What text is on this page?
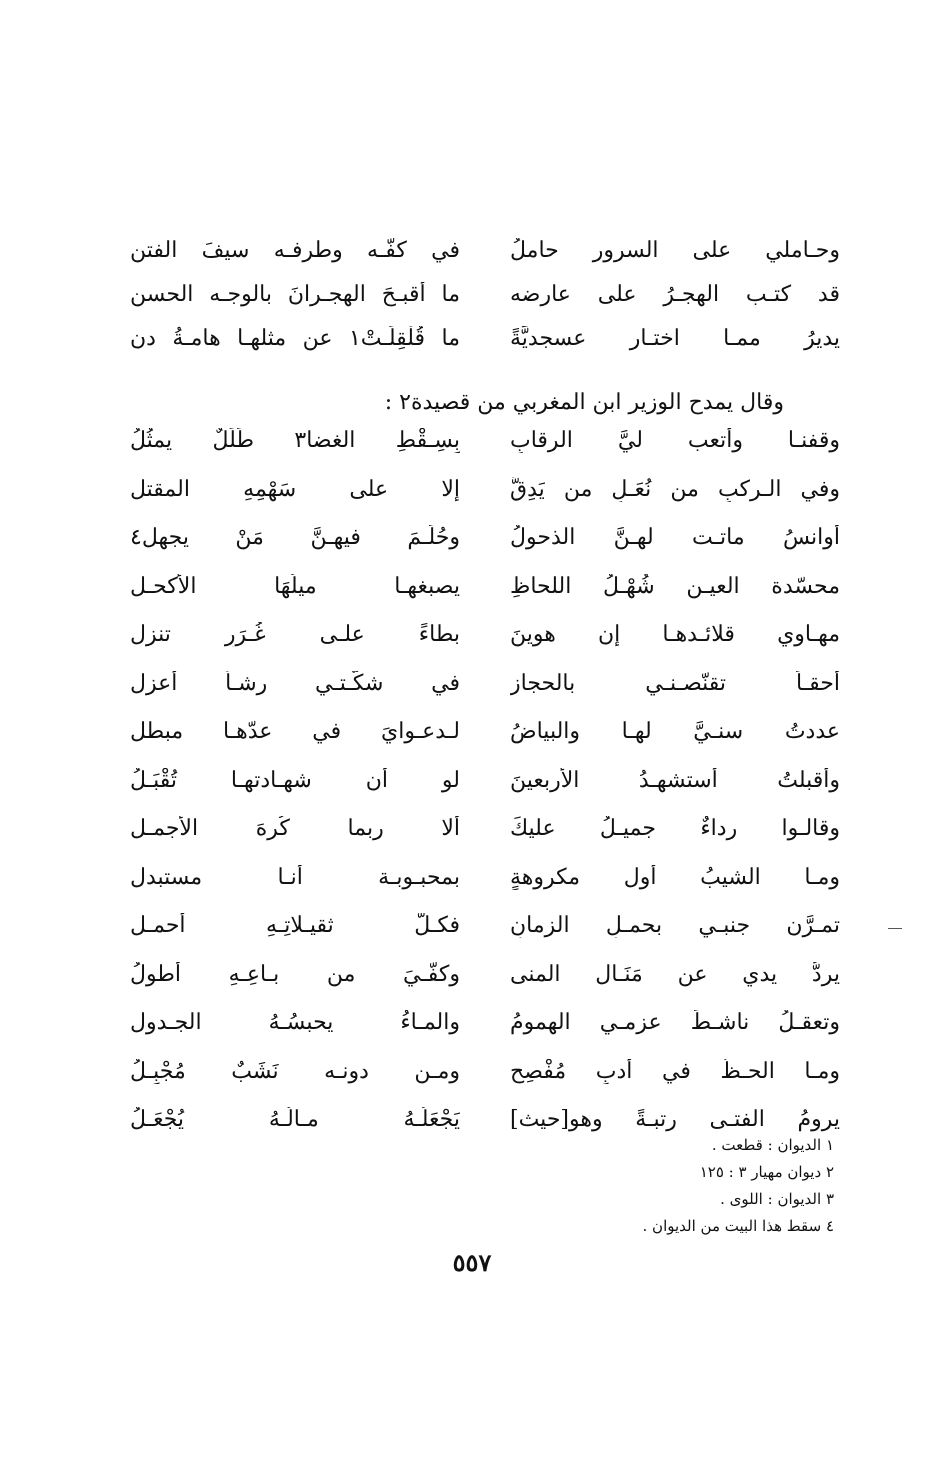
وحـاملي على السرورِ حاملُ
في كفّـه وطرفـه سيفَ الفتن
قد كتـب الهجـرُ على عارضه
ما أقبـحَ الهجـرانَ بالوجـه الحسن
يديرُ ممـا اختـار عسجديَّةً
ما قُلْقِلَـتْ١ عن مثلهـا هامـةُ دن
وقال يمدح الوزير ابن المغربي من قصيدة٢ :
وقفنـا وأتعب ليَّ الرقابِ
بِسِـقْطِ الغضا٣ طَلَلٌ يمثُلُ
وفي الـركبِ من نُعَـلٍ من يَدِقُّ
إلا على سَهْمِهِ المقتل
أوانسُ ماتـت لهـنَّ الذحولُ
وحُلِّـمَ فيهـنَّ مَنْ يجهل٤
محسّدة العيـن شُهْـلُ اللحاظِ
يصبغهـا ميلُهَا الأكحـل
مهـاوي قلائـدهـا إن هوينَ
بطاءً علـى غُـرَرٍ تنزل
أحقـاً تقنّصـنـي بالحجازِ
في شكّـتـي رشـأ أعزل
عددتُ سنـيَّ لهـا والبياضُ
لـدعـوايَ في عدّهـا مبطل
وأقبلتُ أستشهـدُ الأربعينَ
لو أن شهـادتهـا تُقْبَـلُ
وقالـوا رداءٌ جميـلُ عليكَ
ألا ربما كُرِهَ الأجمـل
ومـا الشيبُ أول مكروهةٍ
بمحبـوبـة أنـا مستبدل
تمـرَّن جنبـي بحمـلِ الزمانِ
فكـلَّ ثقيـلاتِـهِ أحمـل
يردُّ يدي عن مَنَـال المنى
وكفّـيَ من بـاعِـهِ أطولُ
وتعقـلُ ناشـطَ عزمـي الهمومُ
والمـاءُ يحبسُـهُ الجـدول
ومـا الحـظَّ في أدبٍ مُفْصِحٍ
ومـن دونـه نَشَبٌ مُجْبِـلُ
يرومُ الفتـى رتبـةً وهو[حيث]
يَجْعَلُـهُ مـالُـهُ يُجْعَـلُ
١ الديوان : قطعت .
٢ ديوان مهيار ٣ : ١٢٥
٣ الديوان : اللوى .
٤ سقط هذا البيت من الديوان .
٥٥٧
